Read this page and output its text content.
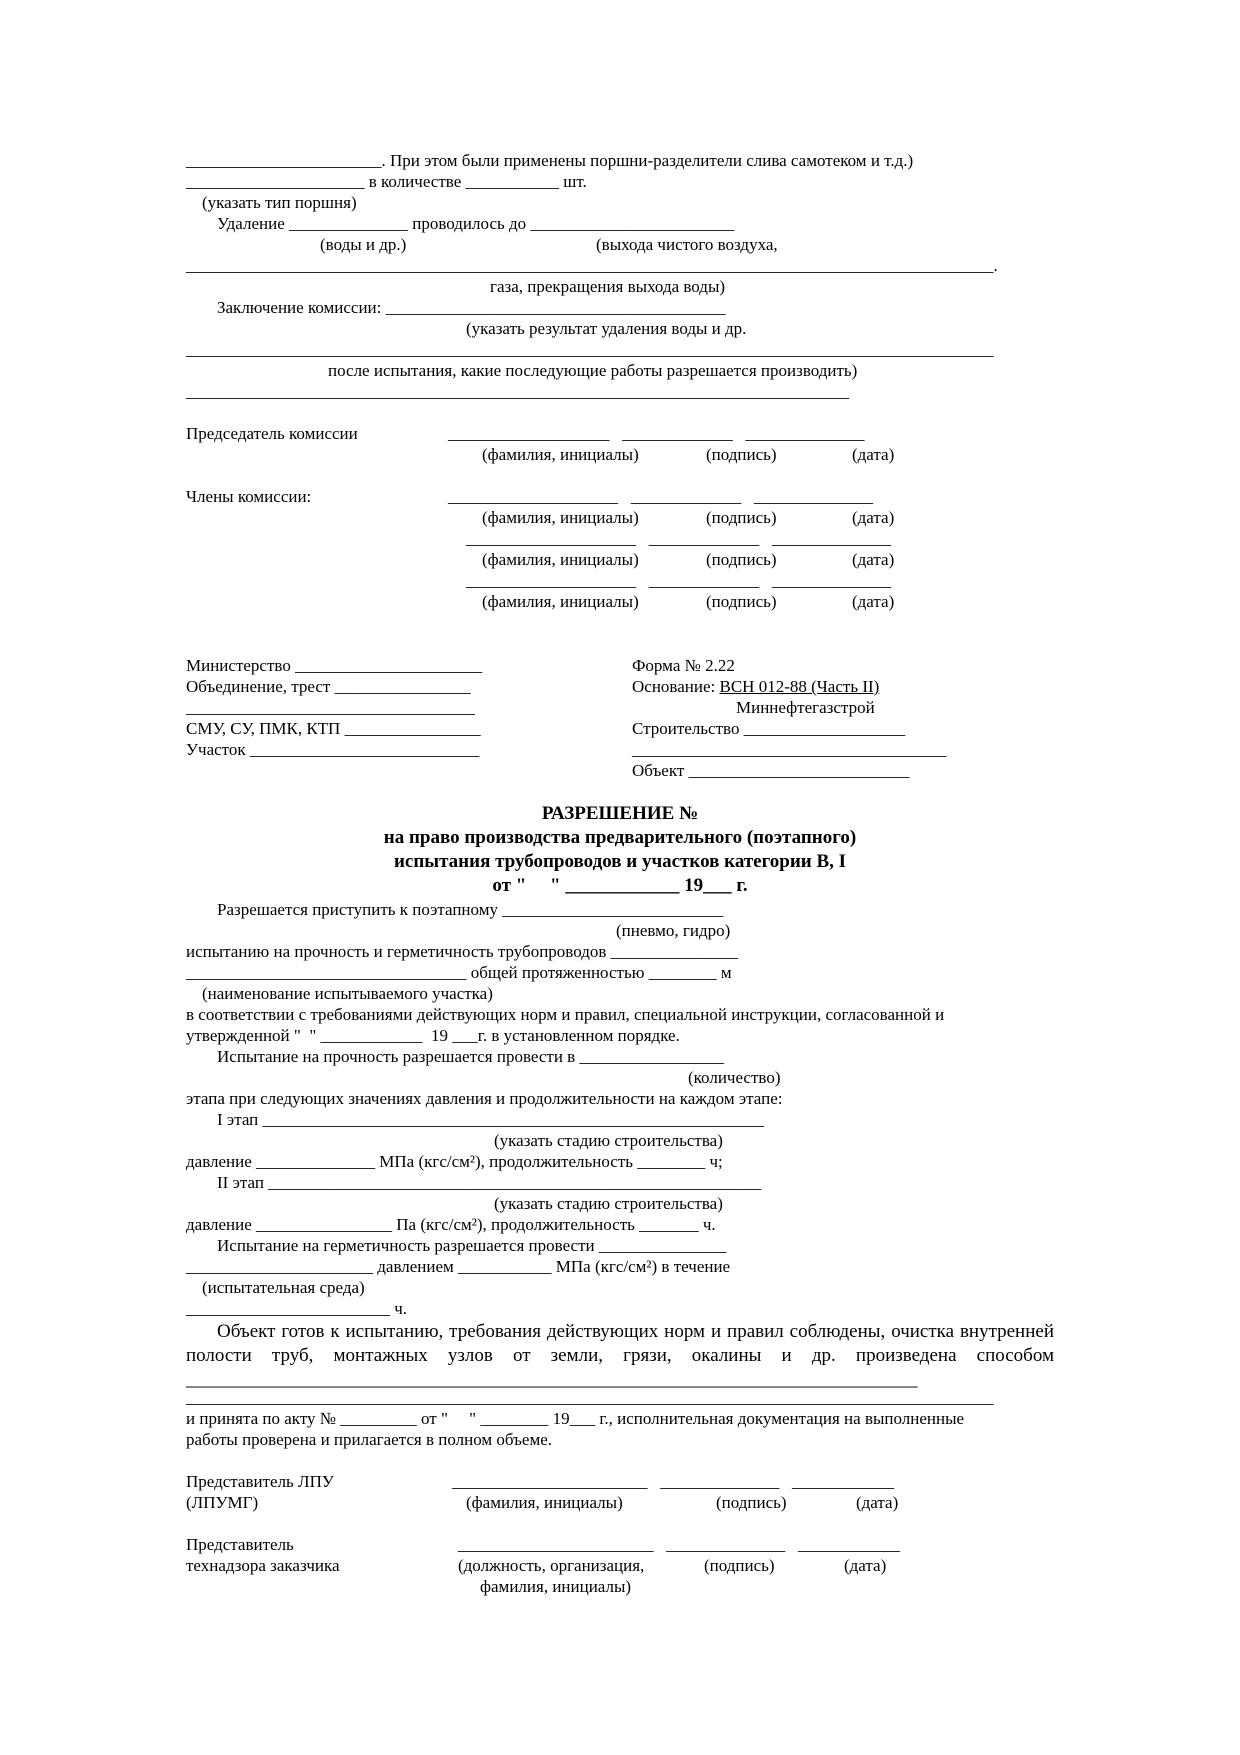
_______________________. При этом были применены поршни-разделители слива самотеком и т.д.)
_____________________ в количестве ___________ шт.
(указать тип поршня)
Удаление ______________ проводилось до ________________________
(воды и др.)	(выхода чистого воздуха,
_______________________________________________________________________________________________.
газа, прекращения выхода воды)
Заключение комиссии: ________________________________________
(указать результат удаления воды и др.
_______________________________________________________________________________________________
после испытания, какие последующие работы разрешается производить)
______________________________________________________________________________
Председатель комиссии	___________________   _____________   ______________
(фамилия, инициалы)	(подпись)	(дата)
Члены комиссии:	____________________   _____________   ______________
(фамилия, инициалы)	(подпись)	(дата)
____________________   _____________   ______________
(фамилия, инициалы)	(подпись)	(дата)
____________________   _____________   ______________
(фамилия, инициалы)	(подпись)	(дата)
Министерство ______________________
Объединение, трест ________________
__________________________________
СМУ, СУ, ПМК, КТП ________________
Участок ___________________________
Форма № 2.22
Основание: ВСН 012-88 (Часть II)
Миннефтегазстрой
Строительство ___________________
_____________________________________
Объект __________________________
РАЗРЕШЕНИЕ №
на право производства предварительного (поэтапного)
испытания трубопроводов и участков категории В, I
от "     " ____________ 19___ г.
Разрешается приступить к поэтапному __________________________
(пневмо, гидро)
испытанию на прочность и герметичность трубопроводов _______________
_________________________________ общей протяженностью ________ м
(наименование испытываемого участка)
в соответствии с требованиями действующих норм и правил, специальной инструкции, согласованной и
утвержденной "  " ____________  19 ___г. в установленном порядке.
Испытание на прочность разрешается провести в _________________
(количество)
этапа при следующих значениях давления и продолжительности на каждом этапе:
I этап ___________________________________________________________
(указать стадию строительства)
давление ______________ МПа (кгс/см²), продолжительность ________ ч;
II этап __________________________________________________________
(указать стадию строительства)
давление ________________ Па (кгс/см²), продолжительность _______ ч.
Испытание на герметичность разрешается провести _______________
______________________ давлением ___________ МПа (кгс/см²) в течение
(испытательная среда)
________________________ ч.
Объект готов к испытанию, требования действующих норм и правил соблюдены, очистка внутренней полости труб, монтажных узлов от земли, грязи, окалины и др. произведена способом _____________________________________________________________________________
_______________________________________________________________________________________________
и принята по акту № _________ от "     " ________ 19___ г., исполнительная документация на выполненные
работы проверена и прилагается в полном объеме.
Представитель ЛПУ	_______________________   ______________   ____________
(ЛПУМГ)	(фамилия, инициалы)	(подпись)	(дата)
Представитель	_______________________   ______________   ____________
технадзора заказчика	(должность, организация,	(подпись)	(дата)
фамилия, инициалы)
